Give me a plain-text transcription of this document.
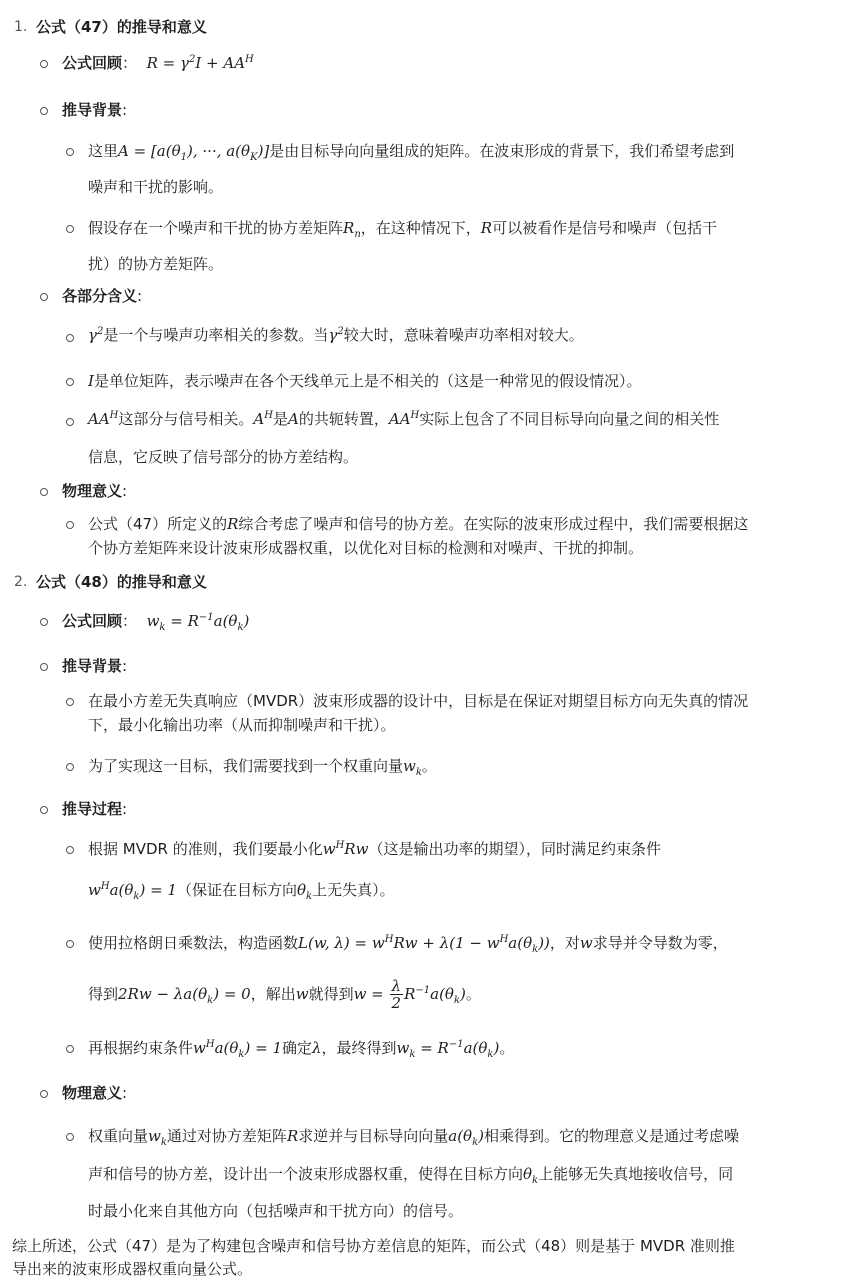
1. 公式（47）的推导和意义
公式回顾：  $R = \gamma^2I + AA^H$
推导背景:
这里$A = [a(\theta_1)$, ···, $a(\theta_K)$]是由目标导向向量组成的矩阵。在波束形成的背景下，我们希望考虑到
噪声和干扰的影响。
假设存在一个噪声和干扰的协方差矩阵$R_n$，在这种情况下，R可以被看作是信号和噪声（包括干
扰）的协方差矩阵。
各部分含义:
$\gamma^2$是一个与噪声功率相关的参数。当$\gamma^2$较大时，意味着噪声功率相对较大。
I是单位矩阵，表示噪声在各个天线单元上是不相关的（这是一种常见的假设情况）。
$AA^H$这部分与信号相关。$A^H$是A的共轭转置，$AA^H$实际上包含了不同目标导向向量之间的相关性
信息，它反映了信号部分的协方差结构。
物理意义:
公式（47）所定义的R综合考虑了噪声和信号的协方差。在实际的波束形成过程中，我们需要根据这
个协方差矩阵来设计波束形成器权重，以优化对目标的检测和对噪声、干扰的抑制。
2. 公式（48）的推导和意义
公式回顾：  $w_k = R^{-1}a(\theta_k)$
推导背景:
在最小方差无失真响应（MVDR）波束形成器的设计中，目标是在保证对期望目标方向无失真的情况
下，最小化输出功率（从而抑制噪声和干扰）。
为了实现这一目标，我们需要找到一个权重向量$w_k$。
推导过程:
根据 MVDR 的准则，我们要最小化$w^HRw$（这是输出功率的期望），同时满足约束条件
$w^Ha(\theta_k) = 1$（保证在目标方向$\theta_k$上无失真）。
使用拉格朗日乘数法，构造函数L(w, $\lambda) = w^HRw + \lambda(1 - w^Ha(\theta_k))$，对w求导并令导数为零，
得到$2Rw - \lambda a(\theta_k) = 0$，解出w就得到$w = \frac{\lambda}{2} R^{-1}a(\theta_k)$。
再根据约束条件$w^Ha(\theta_k) = 1$确定λ，最终得到$w_k = R^{-1}a(\theta_k)$。
物理意义:
权重向量$w_k$通过对协方差矩阵R求逆并与目标导向向量$a(\theta_k)$相乘得到。它的物理意义是通过考虑噪
声和信号的协方差，设计出一个波束形成器权重，使得在目标方向$\theta_k$上能够无失真地接收信号，同
时最小化来自其他方向（包括噪声和干扰方向）的信号。
综上所述，公式（47）是为了构建包含噪声和信号协方差信息的矩阵，而公式（48）则是基于 MVDR 准则推
导出来的波束形成器权重向量公式。
